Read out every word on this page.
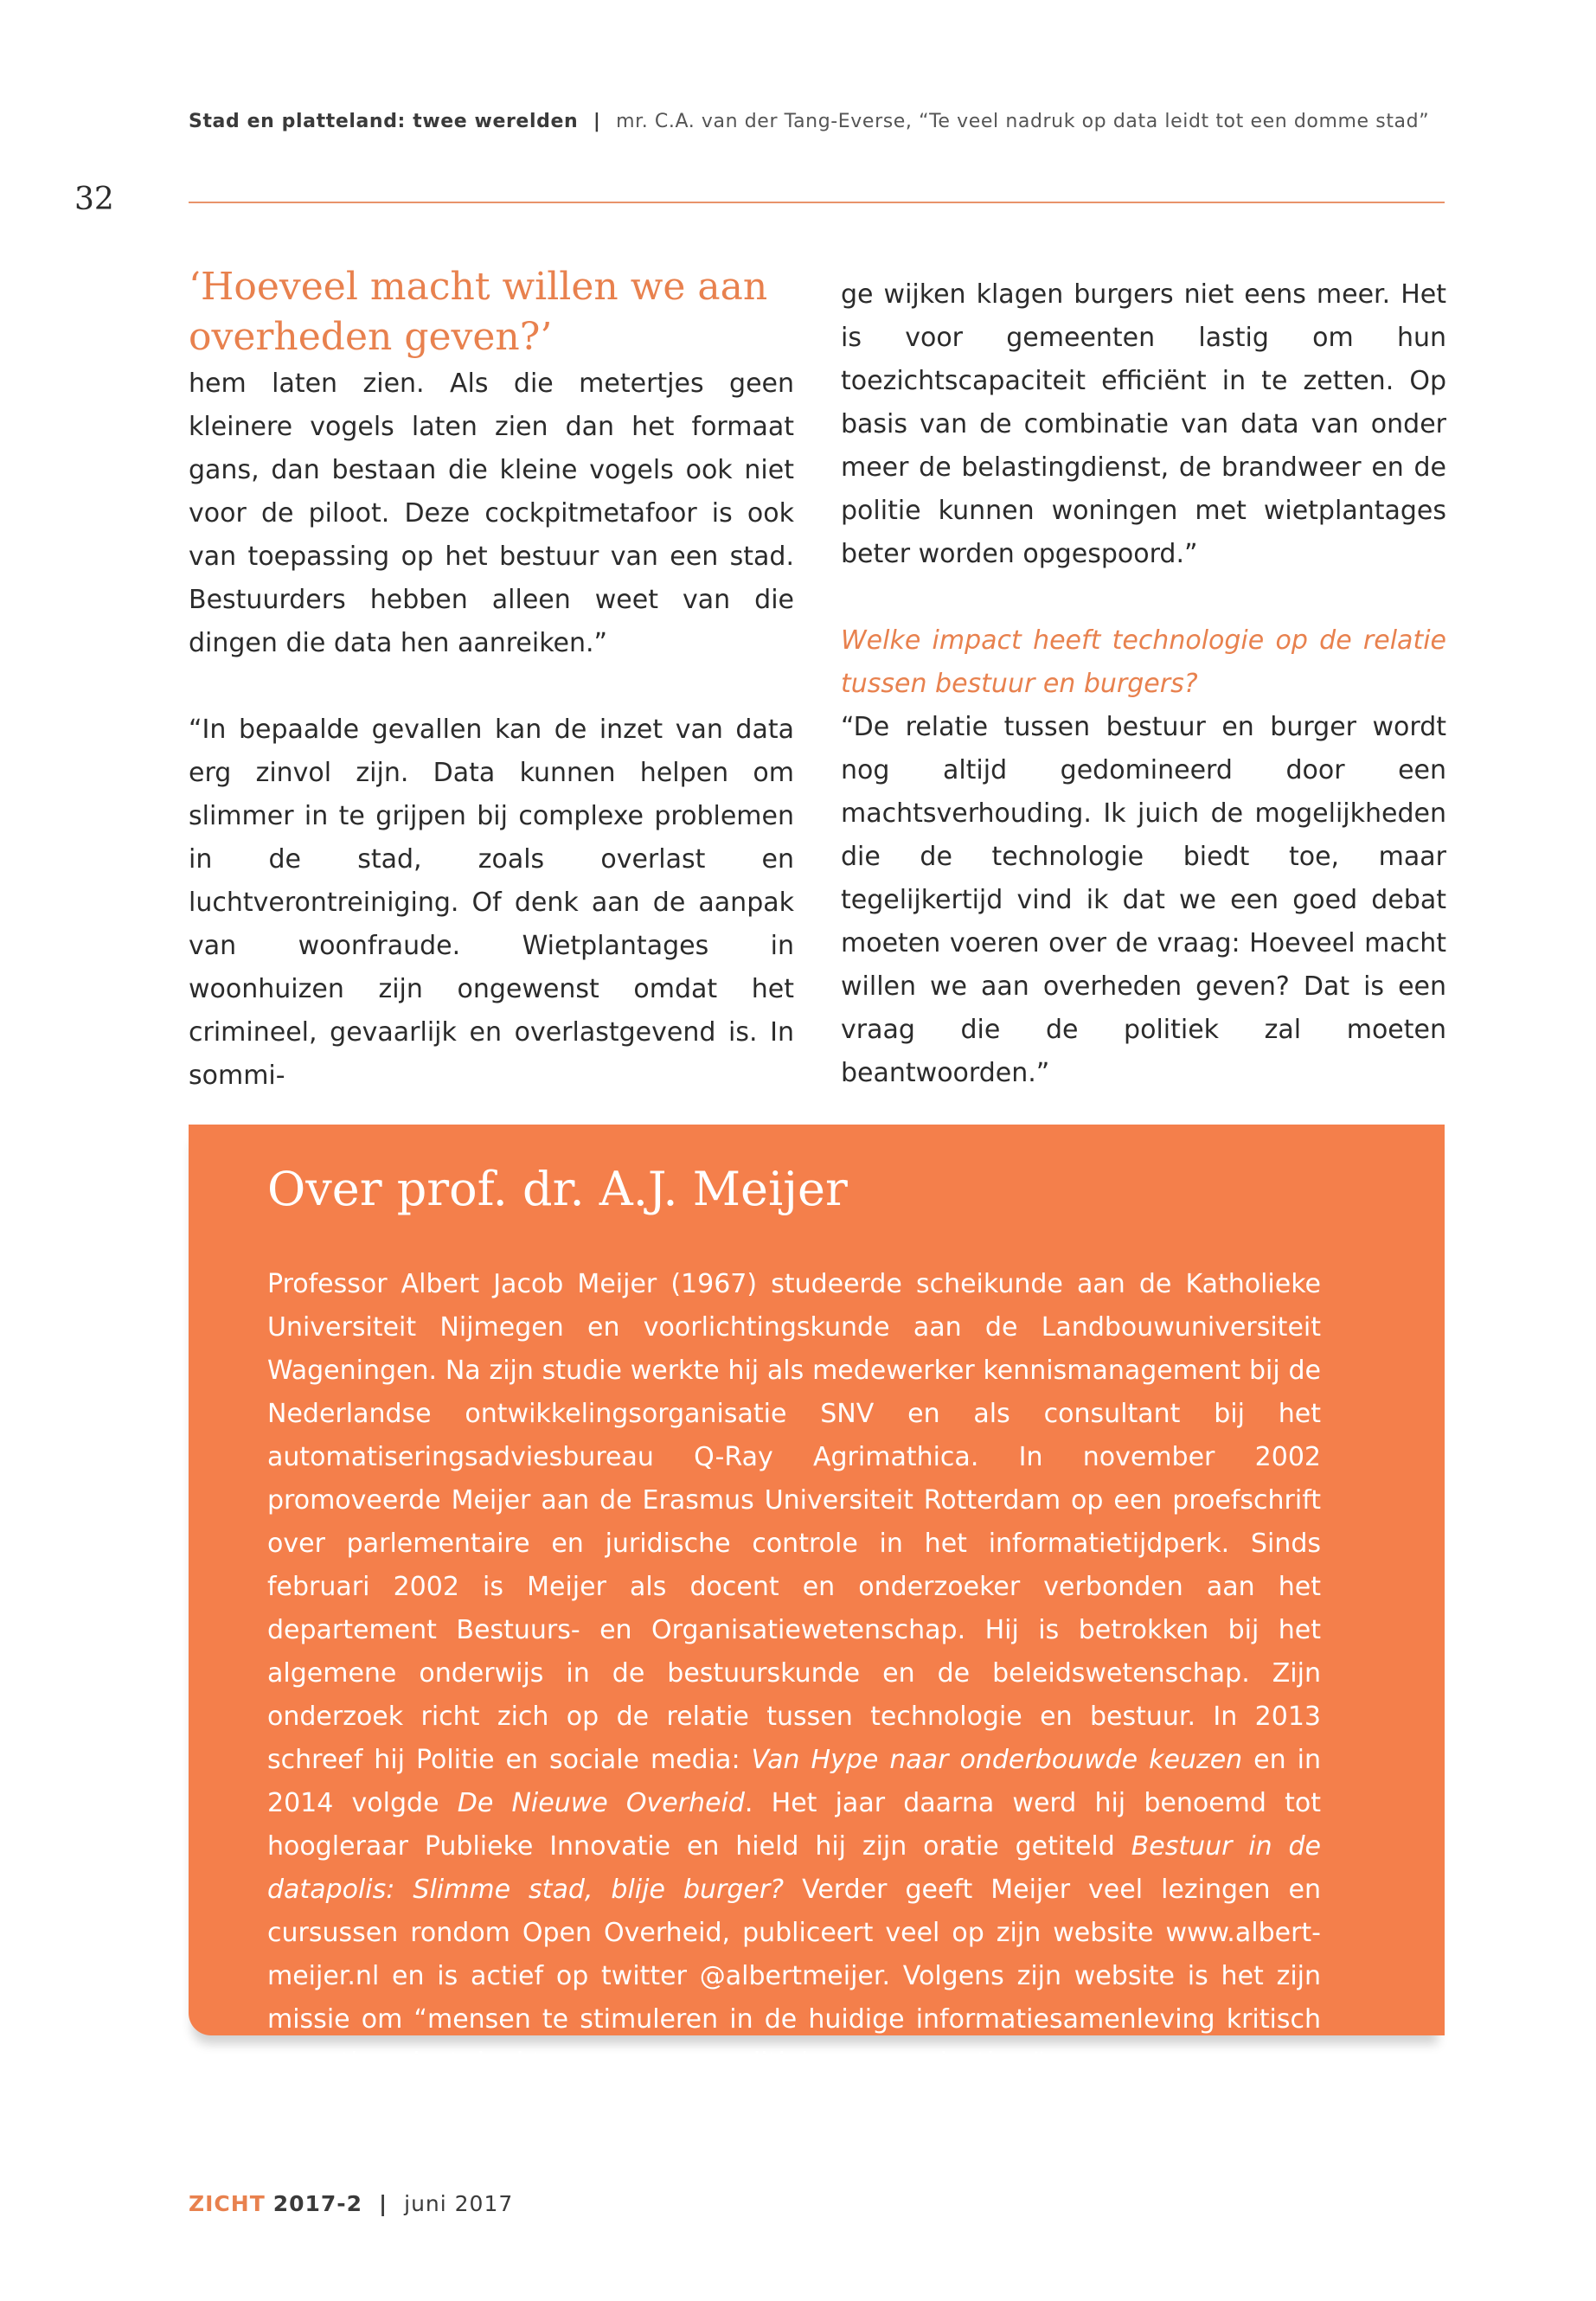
Stad en platteland: twee werelden | mr. C.A. van der Tang-Everse, “Te veel nadruk op data leidt tot een domme stad”
32

‘Hoeveel macht willen we aan overheden geven?’

hem laten zien. Als die metertjes geen kleinere vogels laten zien dan het formaat gans, dan bestaan die kleine vogels ook niet voor de piloot. Deze cockpitmetafoor is ook van toepassing op het bestuur van een stad. Bestuurders hebben alleen weet van die dingen die data hen aanreiken.”

“In bepaalde gevallen kan de inzet van data erg zinvol zijn. Data kunnen helpen om slimmer in te grijpen bij complexe problemen in de stad, zoals overlast en luchtverontreiniging. Of denk aan de aanpak van woonfraude. Wietplantages in woonhuizen zijn ongewenst omdat het crimineel, gevaarlijk en overlastgevend is. In sommi-

ge wijken klagen burgers niet eens meer. Het is voor gemeenten lastig om hun toezichtscapaciteit efficiënt in te zetten. Op basis van de combinatie van data van onder meer de belastingdienst, de brandweer en de politie kunnen woningen met wietplantages beter worden opgespoord.”

Welke impact heeft technologie op de relatie tussen bestuur en burgers?

“De relatie tussen bestuur en burger wordt nog altijd gedomineerd door een machtsverhouding. Ik juich de mogelijkheden die de technologie biedt toe, maar tegelijkertijd vind ik dat we een goed debat moeten voeren over de vraag: Hoeveel macht willen we aan overheden geven? Dat is een vraag die de politiek zal moeten beantwoorden.”

Over prof. dr. A.J. Meijer

Professor Albert Jacob Meijer (1967) studeerde scheikunde aan de Katholieke Universiteit Nijmegen en voorlichtingskunde aan de Landbouwuniversiteit Wageningen. Na zijn studie werkte hij als medewerker kennismanagement bij de Nederlandse ontwikkelingsorganisatie SNV en als consultant bij het automatiseringsadviesbureau Q-Ray Agrimathica. In november 2002 promoveerde Meijer aan de Erasmus Universiteit Rotterdam op een proefschrift over parlementaire en juridische controle in het informatietijdperk. Sinds februari 2002 is Meijer als docent en onderzoeker verbonden aan het departement Bestuurs- en Organisatiewetenschap. Hij is betrokken bij het algemene onderwijs in de bestuurskunde en de beleidswetenschap. Zijn onderzoek richt zich op de relatie tussen technologie en bestuur. In 2013 schreef hij Politie en sociale media: Van Hype naar onderbouwde keuzen en in 2014 volgde De Nieuwe Overheid. Het jaar daarna werd hij benoemd tot hoogleraar Publieke Innovatie en hield hij zijn oratie getiteld Bestuur in de datapolis: Slimme stad, blije burger? Verder geeft Meijer veel lezingen en cursussen rondom Open Overheid, publiceert veel op zijn website www.albert-meijer.nl en is actief op twitter @albertmeijer. Volgens zijn website is het zijn missie om “mensen te stimuleren in de huidige informatiesamenleving kritisch en enthousiast deel te nemen aan politiek en organisaties.”

ZICHT 2017-2 | juni 2017
